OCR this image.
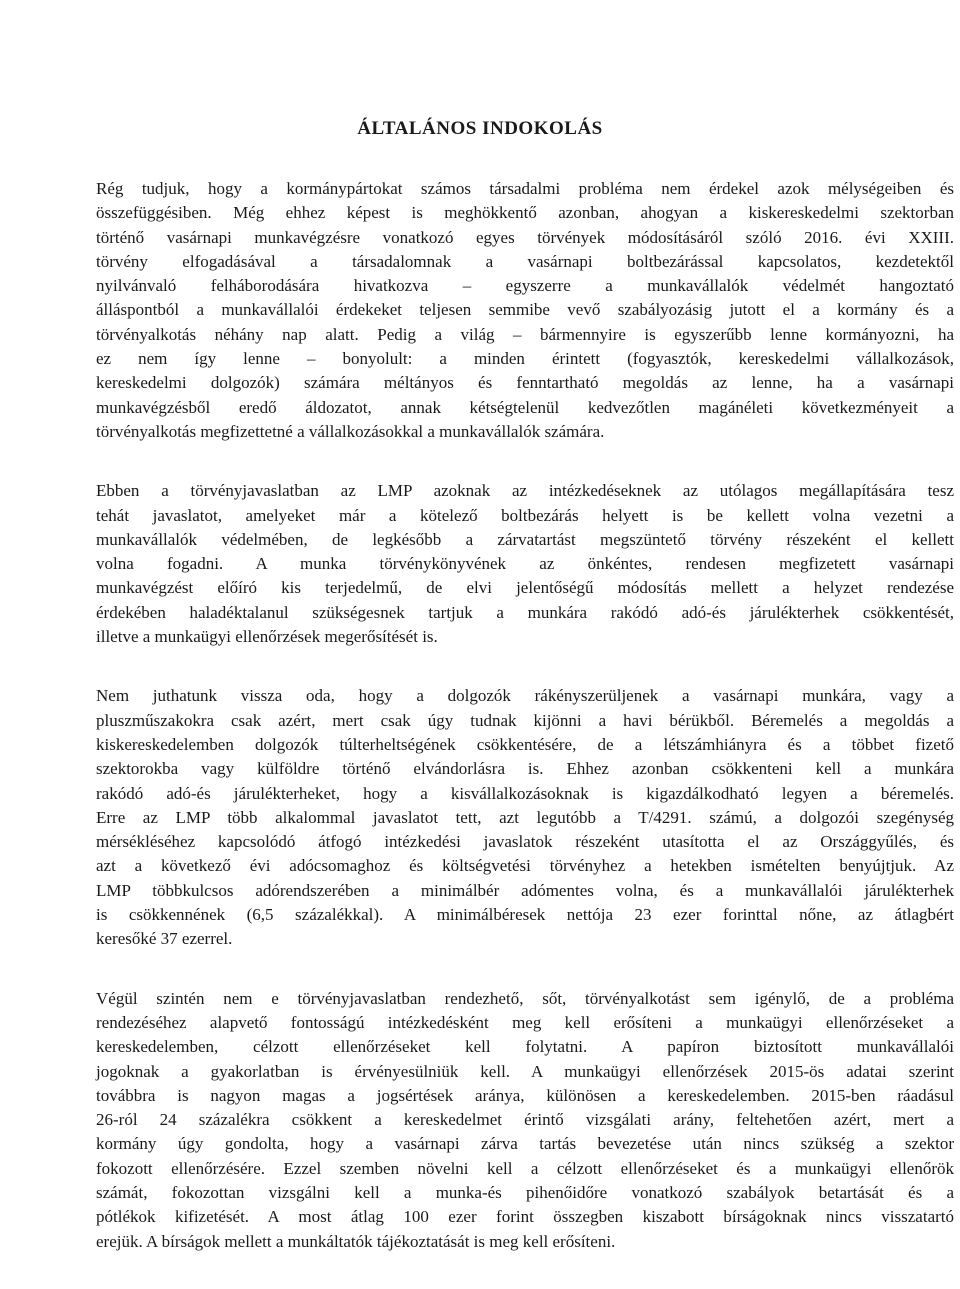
ÁLTALÁNOS INDOKOLÁS
Rég tudjuk, hogy a kormánypártokat számos társadalmi probléma nem érdekel azok mélységeiben és
összefüggésiben. Még ehhez képest is meghökkentő azonban, ahogyan a kiskereskedelmi szektorban
történő vasárnapi munkavégzésre vonatkozó egyes törvények módosításáról szóló 2016. évi XXIII.
törvény elfogadásával a társadalomnak a vasárnapi boltbezárással kapcsolatos, kezdetektől
nyilvánvaló felháborodására hivatkozva – egyszerre a munkavállalók védelmét hangoztató
álláspontból a munkavállalói érdekeket teljesen semmibe vevő szabályozásig jutott el a kormány és a
törvényalkotás néhány nap alatt. Pedig a világ – bármennyire is egyszerűbb lenne kormányozni, ha
ez nem így lenne – bonyolult: a minden érintett (fogyasztók, kereskedelmi vállalkozások,
kereskedelmi dolgozók) számára méltányos és fenntartható megoldás az lenne, ha a vasárnapi
munkavégzésből eredő áldozatot, annak kétségtelenül kedvezőtlen magánéleti következményeit a
törvényalkotás megfizettetné a vállalkozásokkal a munkavállalók számára.
Ebben a törvényjavaslatban az LMP azoknak az intézkedéseknek az utólagos megállapítására tesz
tehát javaslatot, amelyeket már a kötelező boltbezárás helyett is be kellett volna vezetni a
munkavállalók védelmében, de legkésőbb a zárvatartást megszüntető törvény részeként el kellett
volna fogadni. A munka törvénykönyvének az önkéntes, rendesen megfizetett vasárnapi
munkavégzést előíró kis terjedelmű, de elvi jelentőségű módosítás mellett a helyzet rendezése
érdekében haladéktalanul szükségesnek tartjuk a munkára rakódó adó-és járulékterhek csökkentését,
illetve a munkaügyi ellenőrzések megerősítését is.
Nem juthatunk vissza oda, hogy a dolgozók rákényszerüljenek a vasárnapi munkára, vagy a
pluszműszakokra csak azért, mert csak úgy tudnak kijönni a havi bérükből. Béremelés a megoldás a
kiskereskedelemben dolgozók túlterheltségének csökkentésére, de a létszámhiányra és a többet fizető
szektorokba vagy külföldre történő elvándorlásra is. Ehhez azonban csökkenteni kell a munkára
rakódó adó-és járulékterheket, hogy a kisvállalkozásoknak is kigazdálkodható legyen a béremelés.
Erre az LMP több alkalommal javaslatot tett, azt legutóbb a T/4291. számú, a dolgozói szegénység
mérsékléséhez kapcsolódó átfogó intézkedési javaslatok részeként utasította el az Országgyűlés, és
azt a következő évi adócsomaghoz és költségvetési törvényhez a hetekben ismételten benyújtjuk. Az
LMP többkulcsos adórendszerében a minimálbér adómentes volna, és a munkavállalói járulékterhek
is csökkennének (6,5 százalékkal). A minimálbéresek nettója 23 ezer forinttal nőne, az átlagbért
keresőké 37 ezerrel.
Végül szintén nem e törvényjavaslatban rendezhető, sőt, törvényalkotást sem igénylő, de a probléma
rendezéséhez alapvető fontosságú intézkedésként meg kell erősíteni a munkaügyi ellenőrzéseket a
kereskedelemben, célzott ellenőrzéseket kell folytatni. A papíron biztosított munkavállalói
jogoknak a gyakorlatban is érvényesülniük kell. A munkaügyi ellenőrzések 2015-ös adatai szerint
továbbra is nagyon magas a jogsértések aránya, különösen a kereskedelemben. 2015-ben ráadásul
26-ról 24 százalékra csökkent a kereskedelmet érintő vizsgálati arány, feltehetően azért, mert a
kormány úgy gondolta, hogy a vasárnapi zárva tartás bevezetése után nincs szükség a szektor
fokozott ellenőrzésére. Ezzel szemben növelni kell a célzott ellenőrzéseket és a munkaügyi ellenőrök
számát, fokozottan vizsgálni kell a munka-és pihenőidőre vonatkozó szabályok betartását és a
pótlékok kifizetését. A most átlag 100 ezer forint összegben kiszabott bírságoknak nincs visszatartó
erejük. A bírságok mellett a munkáltatók tájékoztatását is meg kell erősíteni.
